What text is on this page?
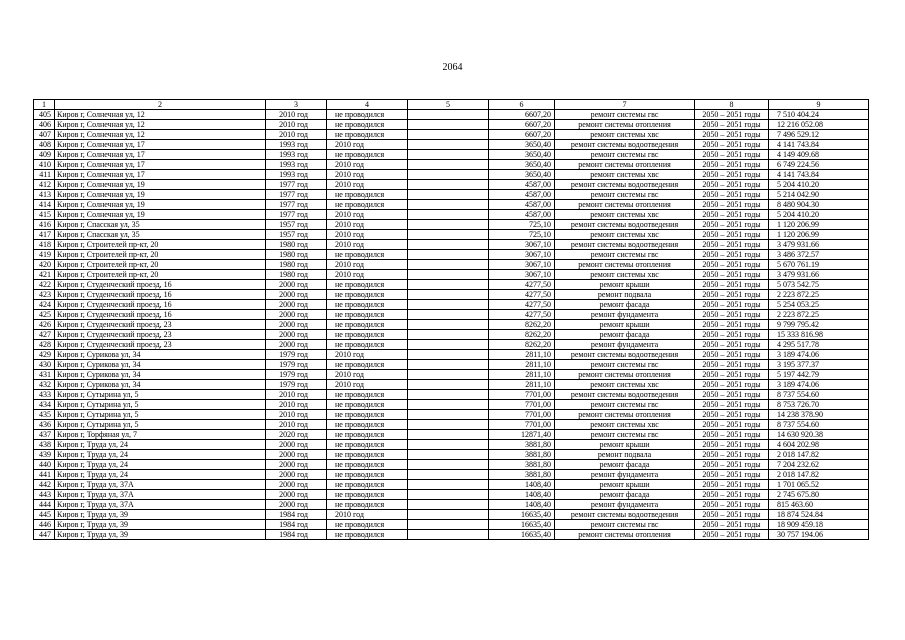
2064
1	2	3	4	5	6	7	8	9
405	Киров г, Солнечная ул, 12	2010 год	не проводился		6607,20	ремонт системы гвс	2050 – 2051 годы	7 510 404.24
406	Киров г, Солнечная ул, 12	2010 год	не проводился		6607,20	ремонт системы отопления	2050 – 2051 годы	12 216 052.08
407	Киров г, Солнечная ул, 12	2010 год	не проводился		6607,20	ремонт системы хвс	2050 – 2051 годы	7 496 529.12
408	Киров г, Солнечная ул, 17	1993 год	2010 год		3650,40	ремонт системы водоотведения	2050 – 2051 годы	4 141 743.84
409	Киров г, Солнечная ул, 17	1993 год	не проводился		3650,40	ремонт системы гвс	2050 – 2051 годы	4 149 409.68
410	Киров г, Солнечная ул, 17	1993 год	2010 год		3650,40	ремонт системы отопления	2050 – 2051 годы	6 749 224.56
411	Киров г, Солнечная ул, 17	1993 год	2010 год		3650,40	ремонт системы хвс	2050 – 2051 годы	4 141 743.84
412	Киров г, Солнечная ул, 19	1977 год	2010 год		4587,00	ремонт системы водоотведения	2050 – 2051 годы	5 204 410.20
413	Киров г, Солнечная ул, 19	1977 год	не проводился		4587,00	ремонт системы гвс	2050 – 2051 годы	5 214 042.90
414	Киров г, Солнечная ул, 19	1977 год	не проводился		4587,00	ремонт системы отопления	2050 – 2051 годы	8 480 904.30
415	Киров г, Солнечная ул, 19	1977 год	2010 год		4587,00	ремонт системы хвс	2050 – 2051 годы	5 204 410.20
416	Киров г, Спасская ул, 35	1957 год	2010 год		725,10	ремонт системы водоотведения	2050 – 2051 годы	1 120 206.99
417	Киров г, Спасская ул, 35	1957 год	2010 год		725,10	ремонт системы хвс	2050 – 2051 годы	1 120 206.99
418	Киров г, Строителей пр-кт, 20	1980 год	2010 год		3067,10	ремонт системы водоотведения	2050 – 2051 годы	3 479 931.66
419	Киров г, Строителей пр-кт, 20	1980 год	не проводился		3067,10	ремонт системы гвс	2050 – 2051 годы	3 486 372.57
420	Киров г, Строителей пр-кт, 20	1980 год	2010 год		3067,10	ремонт системы отопления	2050 – 2051 годы	5 670 761.19
421	Киров г, Строителей пр-кт, 20	1980 год	2010 год		3067,10	ремонт системы хвс	2050 – 2051 годы	3 479 931.66
422	Киров г, Студенческий проезд, 16	2000 год	не проводился		4277,50	ремонт крыши	2050 – 2051 годы	5 073 542.75
423	Киров г, Студенческий проезд, 16	2000 год	не проводился		4277,50	ремонт подвала	2050 – 2051 годы	2 223 872.25
424	Киров г, Студенческий проезд, 16	2000 год	не проводился		4277,50	ремонт фасада	2050 – 2051 годы	5 254 053.25
425	Киров г, Студенческий проезд, 16	2000 год	не проводился		4277,50	ремонт фундамента	2050 – 2051 годы	2 223 872.25
426	Киров г, Студенческий проезд, 23	2000 год	не проводился		8262,20	ремонт крыши	2050 – 2051 годы	9 799 795.42
427	Киров г, Студенческий проезд, 23	2000 год	не проводился		8262,20	ремонт фасада	2050 – 2051 годы	15 333 816.98
428	Киров г, Студенческий проезд, 23	2000 год	не проводился		8262,20	ремонт фундамента	2050 – 2051 годы	4 295 517.78
429	Киров г, Сурикова ул, 34	1979 год	2010 год		2811,10	ремонт системы водоотведения	2050 – 2051 годы	3 189 474.06
430	Киров г, Сурикова ул, 34	1979 год	не проводился		2811,10	ремонт системы гвс	2050 – 2051 годы	3 195 377.37
431	Киров г, Сурикова ул, 34	1979 год	2010 год		2811,10	ремонт системы отопления	2050 – 2051 годы	5 197 442.79
432	Киров г, Сурикова ул, 34	1979 год	2010 год		2811,10	ремонт системы хвс	2050 – 2051 годы	3 189 474.06
433	Киров г, Сутырина ул, 5	2010 год	не проводился		7701,00	ремонт системы водоотведения	2050 – 2051 годы	8 737 554.60
434	Киров г, Сутырина ул, 5	2010 год	не проводился		7701,00	ремонт системы гвс	2050 – 2051 годы	8 753 726.70
435	Киров г, Сутырина ул, 5	2010 год	не проводился		7701,00	ремонт системы отопления	2050 – 2051 годы	14 238 378.90
436	Киров г, Сутырина ул, 5	2010 год	не проводился		7701,00	ремонт системы хвс	2050 – 2051 годы	8 737 554.60
437	Киров г, Торфяная ул, 7	2020 год	не проводился		12871,40	ремонт системы гвс	2050 – 2051 годы	14 630 920.38
438	Киров г, Труда ул, 24	2000 год	не проводился		3881,80	ремонт крыши	2050 – 2051 годы	4 604 202.98
439	Киров г, Труда ул, 24	2000 год	не проводился		3881,80	ремонт подвала	2050 – 2051 годы	2 018 147.82
440	Киров г, Труда ул, 24	2000 год	не проводился		3881,80	ремонт фасада	2050 – 2051 годы	7 204 232.62
441	Киров г, Труда ул, 24	2000 год	не проводился		3881,80	ремонт фундамента	2050 – 2051 годы	2 018 147.82
442	Киров г, Труда ул, 37А	2000 год	не проводился		1408,40	ремонт крыши	2050 – 2051 годы	1 701 065.52
443	Киров г, Труда ул, 37А	2000 год	не проводился		1408,40	ремонт фасада	2050 – 2051 годы	2 745 675.80
444	Киров г, Труда ул, 37А	2000 год	не проводился		1408,40	ремонт фундамента	2050 – 2051 годы	815 463.60
445	Киров г, Труда ул, 39	1984 год	2010 год		16635,40	ремонт системы водоотведения	2050 – 2051 годы	18 874 524.84
446	Киров г, Труда ул, 39	1984 год	не проводился		16635,40	ремонт системы гвс	2050 – 2051 годы	18 909 459.18
447	Киров г, Труда ул, 39	1984 год	не проводился		16635,40	ремонт системы отопления	2050 – 2051 годы	30 757 194.06
